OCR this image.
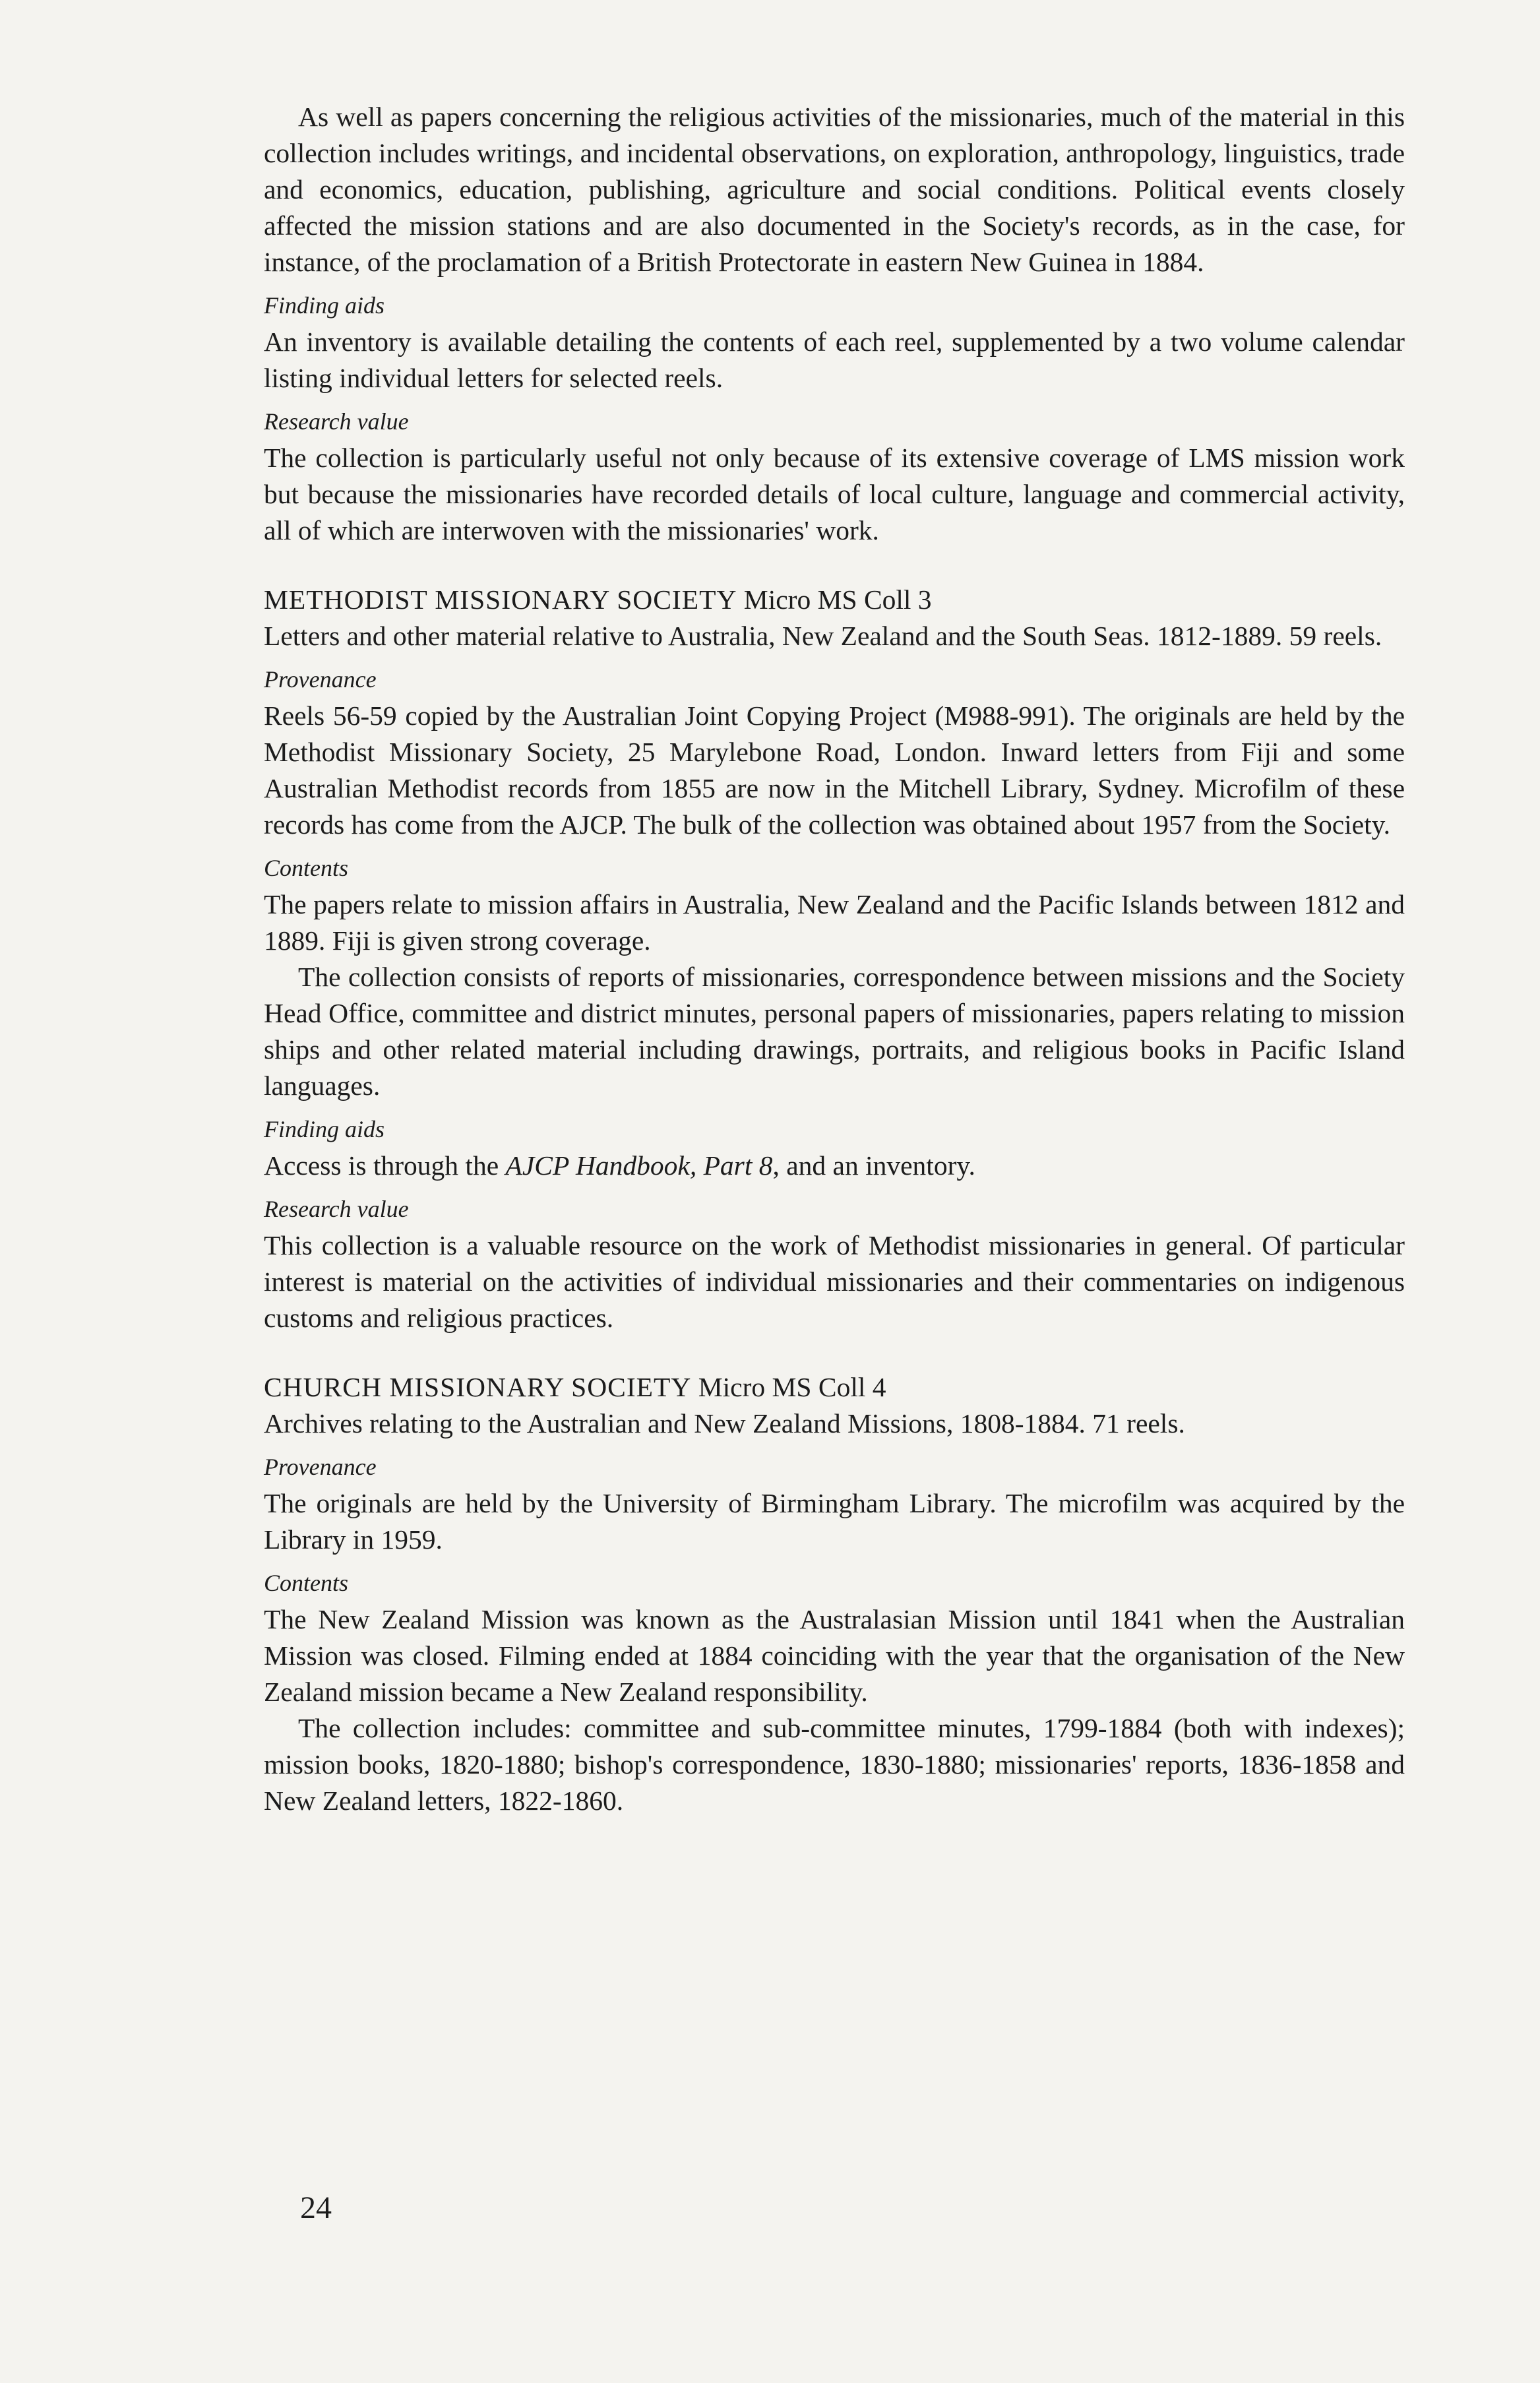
As well as papers concerning the religious activities of the missionaries, much of the material in this collection includes writings, and incidental observations, on exploration, anthropology, linguistics, trade and economics, education, publishing, agriculture and social conditions. Political events closely affected the mission stations and are also documented in the Society's records, as in the case, for instance, of the proclamation of a British Protectorate in eastern New Guinea in 1884.

Finding aids

An inventory is available detailing the contents of each reel, supplemented by a two volume calendar listing individual letters for selected reels.

Research value

The collection is particularly useful not only because of its extensive coverage of LMS mission work but because the missionaries have recorded details of local culture, language and commercial activity, all of which are interwoven with the missionaries' work.

METHODIST MISSIONARY SOCIETY Micro MS Coll 3

Letters and other material relative to Australia, New Zealand and the South Seas. 1812-1889. 59 reels.

Provenance

Reels 56-59 copied by the Australian Joint Copying Project (M988-991). The originals are held by the Methodist Missionary Society, 25 Marylebone Road, London. Inward letters from Fiji and some Australian Methodist records from 1855 are now in the Mitchell Library, Sydney. Microfilm of these records has come from the AJCP. The bulk of the collection was obtained about 1957 from the Society.

Contents

The papers relate to mission affairs in Australia, New Zealand and the Pacific Islands between 1812 and 1889. Fiji is given strong coverage.

The collection consists of reports of missionaries, correspondence between missions and the Society Head Office, committee and district minutes, personal papers of missionaries, papers relating to mission ships and other related material including drawings, portraits, and religious books in Pacific Island languages.

Finding aids

Access is through the AJCP Handbook, Part 8, and an inventory.

Research value

This collection is a valuable resource on the work of Methodist missionaries in general. Of particular interest is material on the activities of individual missionaries and their commentaries on indigenous customs and religious practices.

CHURCH MISSIONARY SOCIETY Micro MS Coll 4

Archives relating to the Australian and New Zealand Missions, 1808-1884. 71 reels.

Provenance

The originals are held by the University of Birmingham Library. The microfilm was acquired by the Library in 1959.

Contents

The New Zealand Mission was known as the Australasian Mission until 1841 when the Australian Mission was closed. Filming ended at 1884 coinciding with the year that the organisation of the New Zealand mission became a New Zealand responsibility.

The collection includes: committee and sub-committee minutes, 1799-1884 (both with indexes); mission books, 1820-1880; bishop's correspondence, 1830-1880; missionaries' reports, 1836-1858 and New Zealand letters, 1822-1860.

24
